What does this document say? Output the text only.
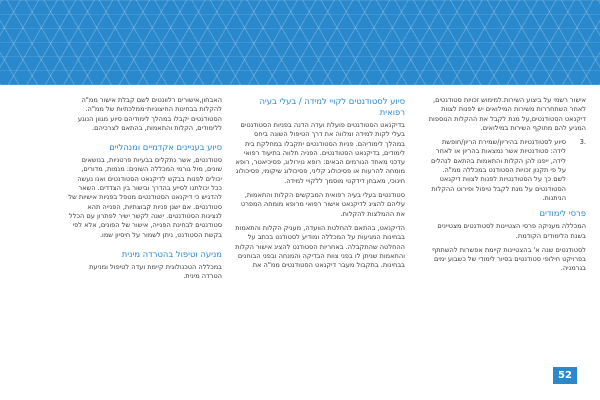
אישור רשמי על ביצוע השירות.למימוש זכויות סטודנטים, לאחר השתחררות משירות המילואים יש לפנות לצוות דיקנאט הסטודנטים,על מנת לקבל את ההקלות הנוספות המגיע להם מתוקף השירות במילואים.

.3
סיוע לסטודנטיות בהיריון/שמירת הריון/חופשת לידה: סטודנטיות אשר נמצאות בהריון או לאחר לידה, ייפנו להן הקלות והתאמות בהתאם לנהלים על פי תקנון זכויות הסטודנט במכללה ממ"ה. לשם כך על הסטודנטיות לפנות לצוות דיקנאט הסטודנטים על מנת לקבל טיפול ופירוט ההקלות הניתנות.
פרסי לימודים

המכללה מעניקה פרסי הצטיינות לסטודנטים מצטיינים בשנת הלימודים הקודמת.

לסטודנטים שנה א' בהצטיינות קיימת אפשרות להשתתף בפרויקט חילופי סטודנטים בסיור לימודי של כשבוע ימים בגרמניה.

סיוע לסטודנטים לקויי למידה / בעלי בעיה רפואית

בדיקנאט הסטודנטים פועלת ועדה הדנה בפניות הסטודנטים בעלי לקות למידה ומלווה את דרך הטיפול השונה ביחס במהלך לימודיהם. פניות הסטודנטים יתקבלו במחלקת בית לימודים, בדיקנאט הסטודנטים. הפניה תלווה בתיעוד רפואי עדכני מאחד הגורמים הבאים: רופא נוירולוג, פסיכיאטר, רופא מומחה להרעות או פסיכולוג קליני, פסיכולוג שיקומי, פסיכולוג חינוכי, מאבחן דידקטי מוסמך ללקויי למידה.

סטודנטים בעלי בעיה רפואית המבקשים הקלות והתאמות, עליהם להציג לדיקנאט אישור רפואי מרופא מומחה המפרט את ההמלצות להקלות.

הדיקנאט, בהתאם להחלטת הוועדה, מעניק הקלות והתאמות בבחינות המגיעות על המכללה ומודיע לסטודנט בכתב על ההחלטה שהתקבלה. באחריות הסטודנט להציג אישור הקלות והתאמות שניתן לו בפני צוות הבדיקה והמנחה ובפני הבוחנים בבחינות. בתקבול מעבר דיקנאט הסטודנטים ממ"ה את

האבחון,אישורים רלוונטים לשם קבלת אישור ממ"ה להקלות בבחינות החיצוניות-ממלכתיות של ממ"ה. הסטודנטים יקבלו במהלך לימודיהם סיוע מגוון הנוגע ללימודים, הקלות והתאמות, בהתאם לצרכיהם.

סיוע בעניינים אקדמיים ומנהליים

סטודנטים, אשר נתקלים בבעיות פרטניות, בנושאים שונים, מול גורמי המכללה השונים: מנמות, מדורים, יכולים לפנות בבקש לדיקנאט הסטודנטים ואנו נעשה ככל יכולתנו לסייע בהדרך ובישור בין הצדדים. השאר להדגיש כי דיקנאט הסטודנטים מטפל בפניות אישיות של סטודנטים. אם ישנן פניות קבוצתיות, הפנייה תהא לנציגות הסטודנטים. ישנה לקשר ישיר לפתרון עם הכלל סטודנטים לבחינת הפנייה, אישור של הפונים, אלא לפי בקשת הסטודנט, ניתן לשמור על חיסיון שמו.

מניעה וטיפול בהטרדה מינית

במכללה הטכנולוגית קיימת ועדה לטיפול ומניעת הטרדה מינית.

52
